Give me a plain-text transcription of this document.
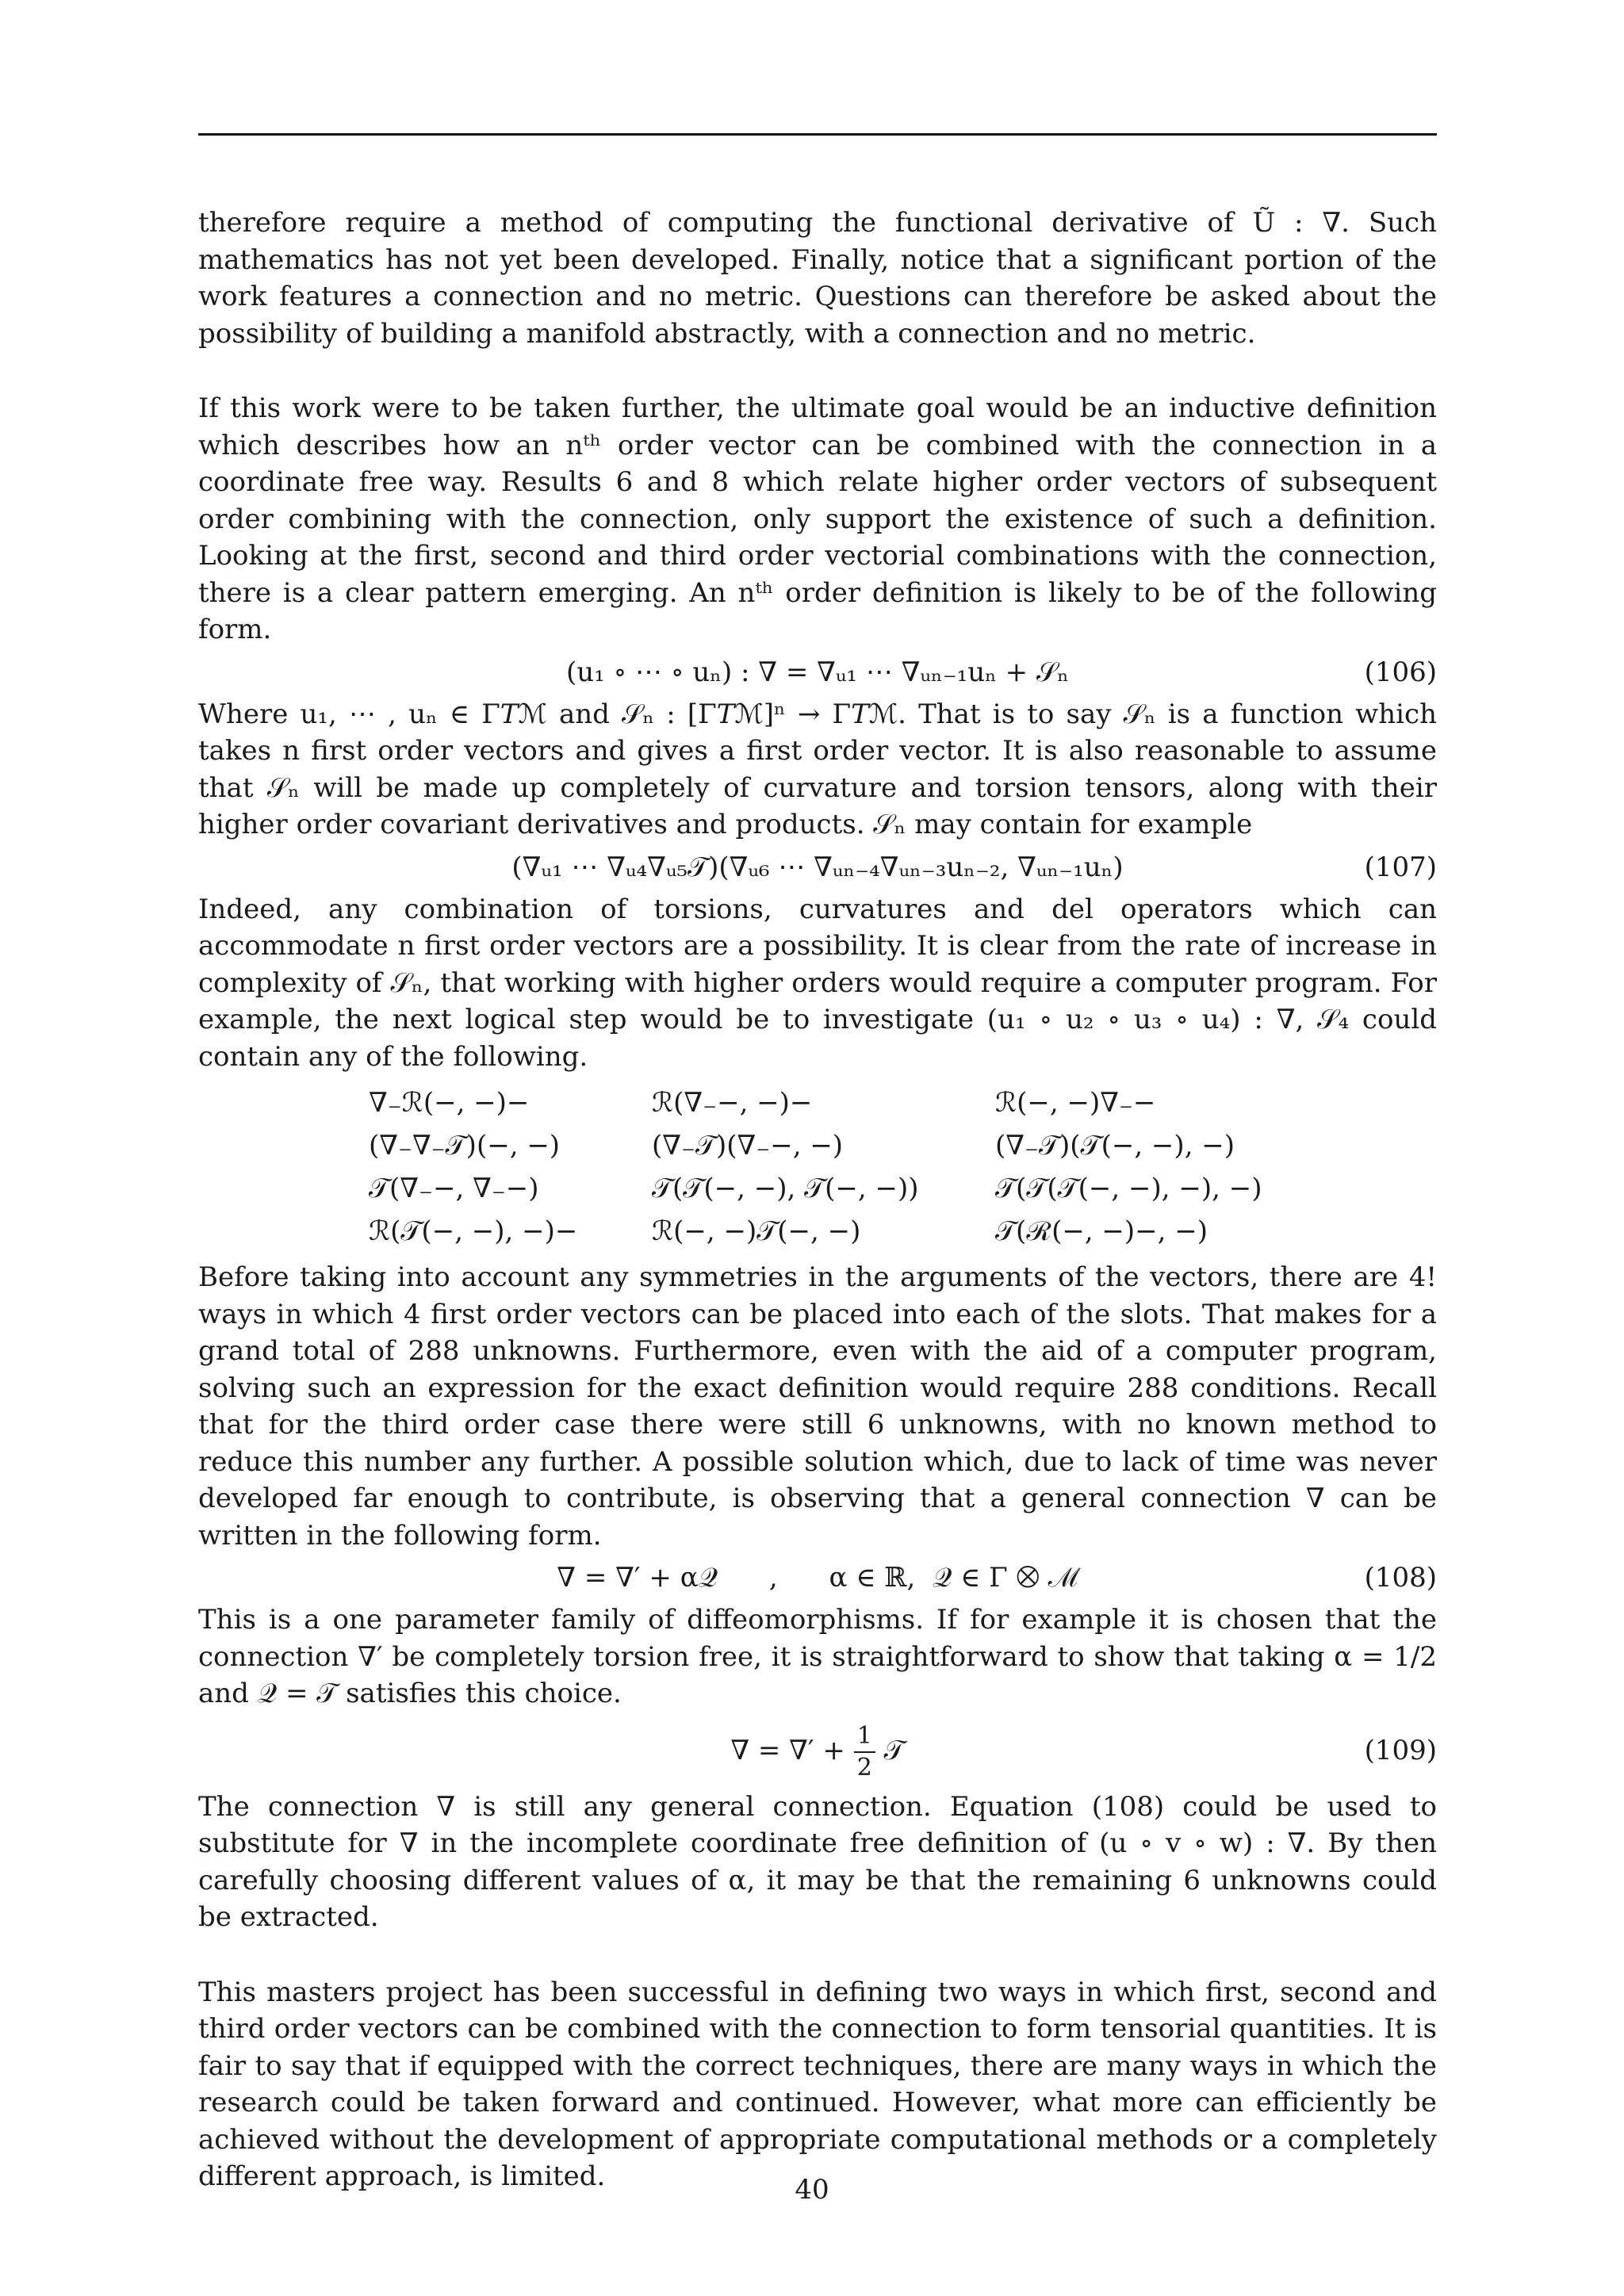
therefore require a method of computing the functional derivative of Ũ : ∇. Such mathematics has not yet been developed. Finally, notice that a significant portion of the work features a connection and no metric. Questions can therefore be asked about the possibility of building a manifold abstractly, with a connection and no metric.

If this work were to be taken further, the ultimate goal would be an inductive definition which describes how an nᵗʰ order vector can be combined with the connection in a coordinate free way. Results 6 and 8 which relate higher order vectors of subsequent order combining with the connection, only support the existence of such a definition. Looking at the first, second and third order vectorial combinations with the connection, there is a clear pattern emerging. An nᵗʰ order definition is likely to be of the following form.

(u₁ ∘ ⋯ ∘ uₙ) : ∇ = ∇ᵤ₁ ⋯ ∇ᵤₙ₋₁uₙ + 𝒮ₙ	(106)

Where u₁, ⋯ , uₙ ∈ Γ𝑇ℳ and 𝒮ₙ : [Γ𝑇ℳ]ⁿ → Γ𝑇ℳ. That is to say 𝒮ₙ is a function which takes n first order vectors and gives a first order vector. It is also reasonable to assume that 𝒮ₙ will be made up completely of curvature and torsion tensors, along with their higher order covariant derivatives and products. 𝒮ₙ may contain for example

(∇ᵤ₁ ⋯ ∇ᵤ₄∇ᵤ₅𝒯)(∇ᵤ₆ ⋯ ∇ᵤₙ₋₄∇ᵤₙ₋₃uₙ₋₂, ∇ᵤₙ₋₁uₙ)	(107)

Indeed, any combination of torsions, curvatures and del operators which can accommodate n first order vectors are a possibility. It is clear from the rate of increase in complexity of 𝒮ₙ, that working with higher orders would require a computer program. For example, the next logical step would be to investigate (u₁ ∘ u₂ ∘ u₃ ∘ u₄) : ∇, 𝒮₄ could contain any of the following.

∇₋ℛ(−, −)−	ℛ(∇₋−, −)−	ℛ(−, −)∇₋−
(∇₋∇₋𝒯)(−, −)	(∇₋𝒯)(∇₋−, −)	(∇₋𝒯)(𝒯(−, −), −)
𝒯(∇₋−, ∇₋−)	𝒯(𝒯(−, −), 𝒯(−, −))	𝒯(𝒯(𝒯(−, −), −), −)
ℛ(𝒯(−, −), −)−	ℛ(−, −)𝒯(−, −)	𝒯(ℛ(−, −)−, −)

Before taking into account any symmetries in the arguments of the vectors, there are 4! ways in which 4 first order vectors can be placed into each of the slots. That makes for a grand total of 288 unknowns. Furthermore, even with the aid of a computer program, solving such an expression for the exact definition would require 288 conditions. Recall that for the third order case there were still 6 unknowns, with no known method to reduce this number any further. A possible solution which, due to lack of time was never developed far enough to contribute, is observing that a general connection ∇ can be written in the following form.

∇ = ∇′ + α𝒬      ,      α ∈ ℝ,  𝒬 ∈ Γ ⨂ ℳ	(108)

This is a one parameter family of diffeomorphisms. If for example it is chosen that the connection ∇′ be completely torsion free, it is straightforward to show that taking α = 1/2 and 𝒬 = 𝒯 satisfies this choice.

∇ = ∇′ + $\frac{1}{2}$ 𝒯	(109)

The connection ∇ is still any general connection. Equation (108) could be used to substitute for ∇ in the incomplete coordinate free definition of (u ∘ v ∘ w) : ∇. By then carefully choosing different values of α, it may be that the remaining 6 unknowns could be extracted.

This masters project has been successful in defining two ways in which first, second and third order vectors can be combined with the connection to form tensorial quantities. It is fair to say that if equipped with the correct techniques, there are many ways in which the research could be taken forward and continued. However, what more can efficiently be achieved without the development of appropriate computational methods or a completely different approach, is limited.	40
